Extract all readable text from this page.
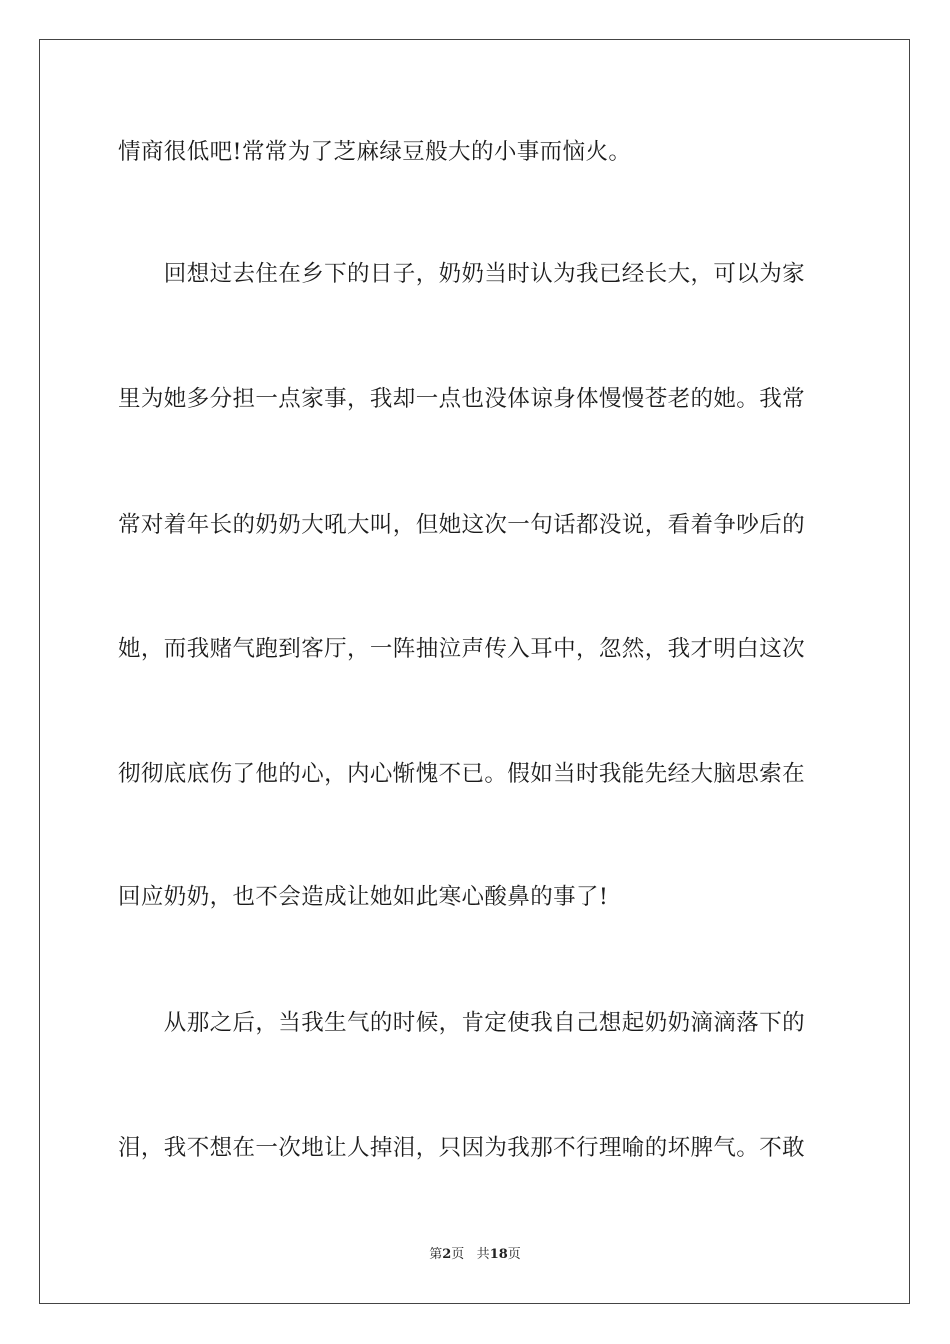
情商很低吧!常常为了芝麻绿豆般大的小事而恼火。

　　回想过去住在乡下的日子，奶奶当时认为我已经长大，可以为家

里为她多分担一点家事，我却一点也没体谅身体慢慢苍老的她。我常

常对着年长的奶奶大吼大叫，但她这次一句话都没说，看着争吵后的

她，而我赌气跑到客厅，一阵抽泣声传入耳中，忽然，我才明白这次

彻彻底底伤了他的心，内心惭愧不已。假如当时我能先经大脑思索在

回应奶奶，也不会造成让她如此寒心酸鼻的事了!

　　从那之后，当我生气的时候，肯定使我自己想起奶奶滴滴落下的

泪，我不想在一次地让人掉泪，只因为我那不行理喻的坏脾气。不敢

第2页 共18页
